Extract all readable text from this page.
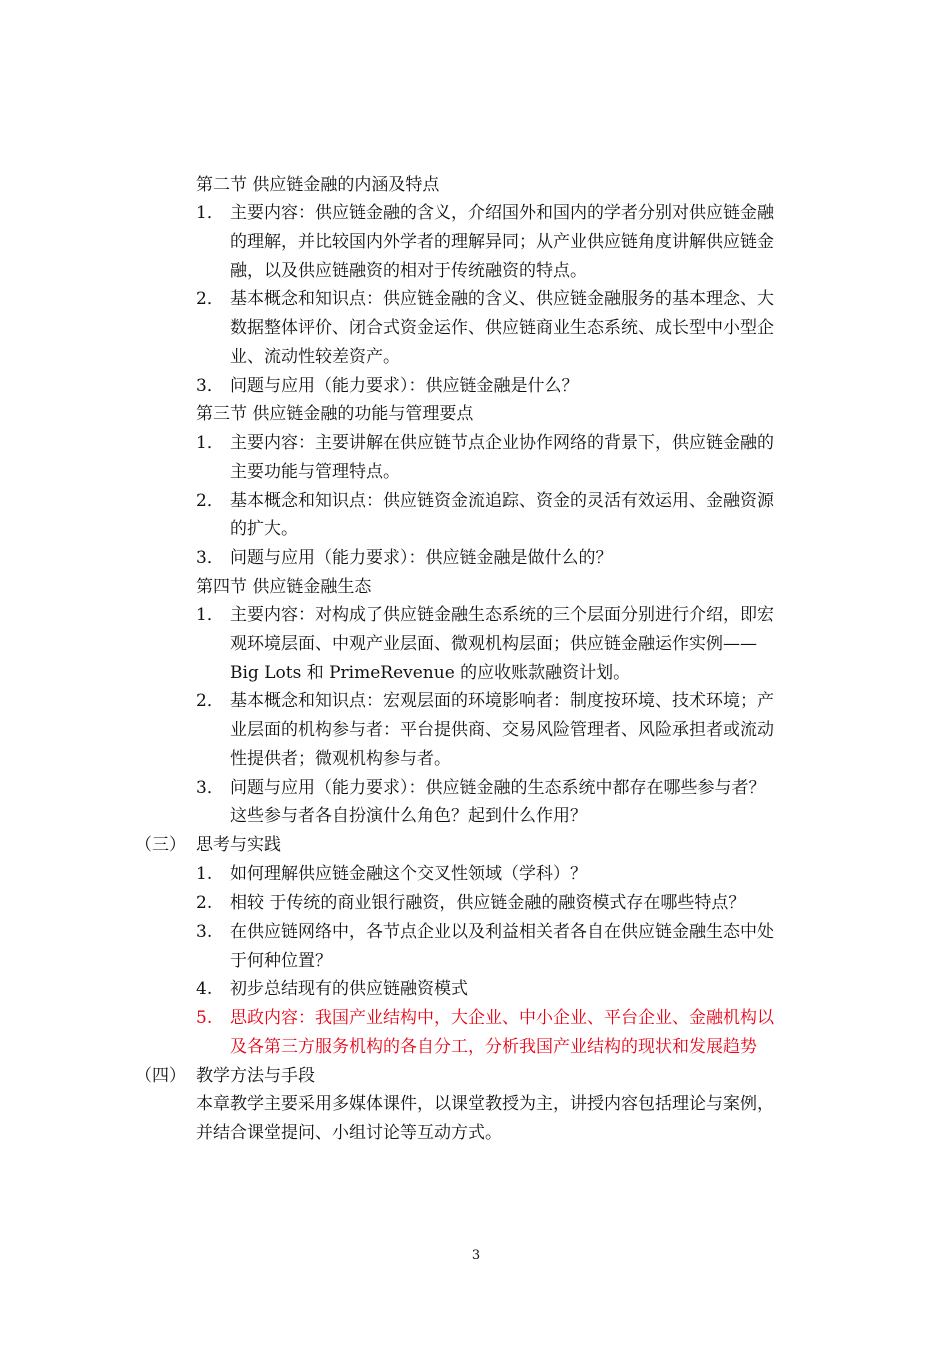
第二节 供应链金融的内涵及特点
1． 主要内容：供应链金融的含义，介绍国外和国内的学者分别对供应链金融
的理解，并比较国内外学者的理解异同；从产业供应链角度讲解供应链金
融，以及供应链融资的相对于传统融资的特点。
2． 基本概念和知识点：供应链金融的含义、供应链金融服务的基本理念、大
数据整体评价、闭合式资金运作、供应链商业生态系统、成长型中小型企
业、流动性较差资产。
3． 问题与应用（能力要求）：供应链金融是什么？
第三节 供应链金融的功能与管理要点
1． 主要内容：主要讲解在供应链节点企业协作网络的背景下，供应链金融的
主要功能与管理特点。
2． 基本概念和知识点：供应链资金流追踪、资金的灵活有效运用、金融资源
的扩大。
3． 问题与应用（能力要求）：供应链金融是做什么的？
第四节 供应链金融生态
1． 主要内容：对构成了供应链金融生态系统的三个层面分别进行介绍，即宏
观环境层面、中观产业层面、微观机构层面；供应链金融运作实例——
Big Lots 和 PrimeRevenue 的应收账款融资计划。
2． 基本概念和知识点：宏观层面的环境影响者：制度按环境、技术环境；产
业层面的机构参与者：平台提供商、交易风险管理者、风险承担者或流动
性提供者；微观机构参与者。
3． 问题与应用（能力要求）：供应链金融的生态系统中都存在哪些参与者？
这些参与者各自扮演什么角色？起到什么作用？
（三） 思考与实践
1. 如何理解供应链金融这个交叉性领域（学科）？
2. 相较 于传统的商业银行融资，供应链金融的融资模式存在哪些特点？
3. 在供应链网络中，各节点企业以及利益相关者各自在供应链金融生态中处
于何种位置？
4. 初步总结现有的供应链融资模式
5. 思政内容：我国产业结构中，大企业、中小企业、平台企业、金融机构以
及各第三方服务机构的各自分工，分析我国产业结构的现状和发展趋势
（四） 教学方法与手段
本章教学主要采用多媒体课件，以课堂教授为主，讲授内容包括理论与案例，
并结合课堂提问、小组讨论等互动方式。
3
